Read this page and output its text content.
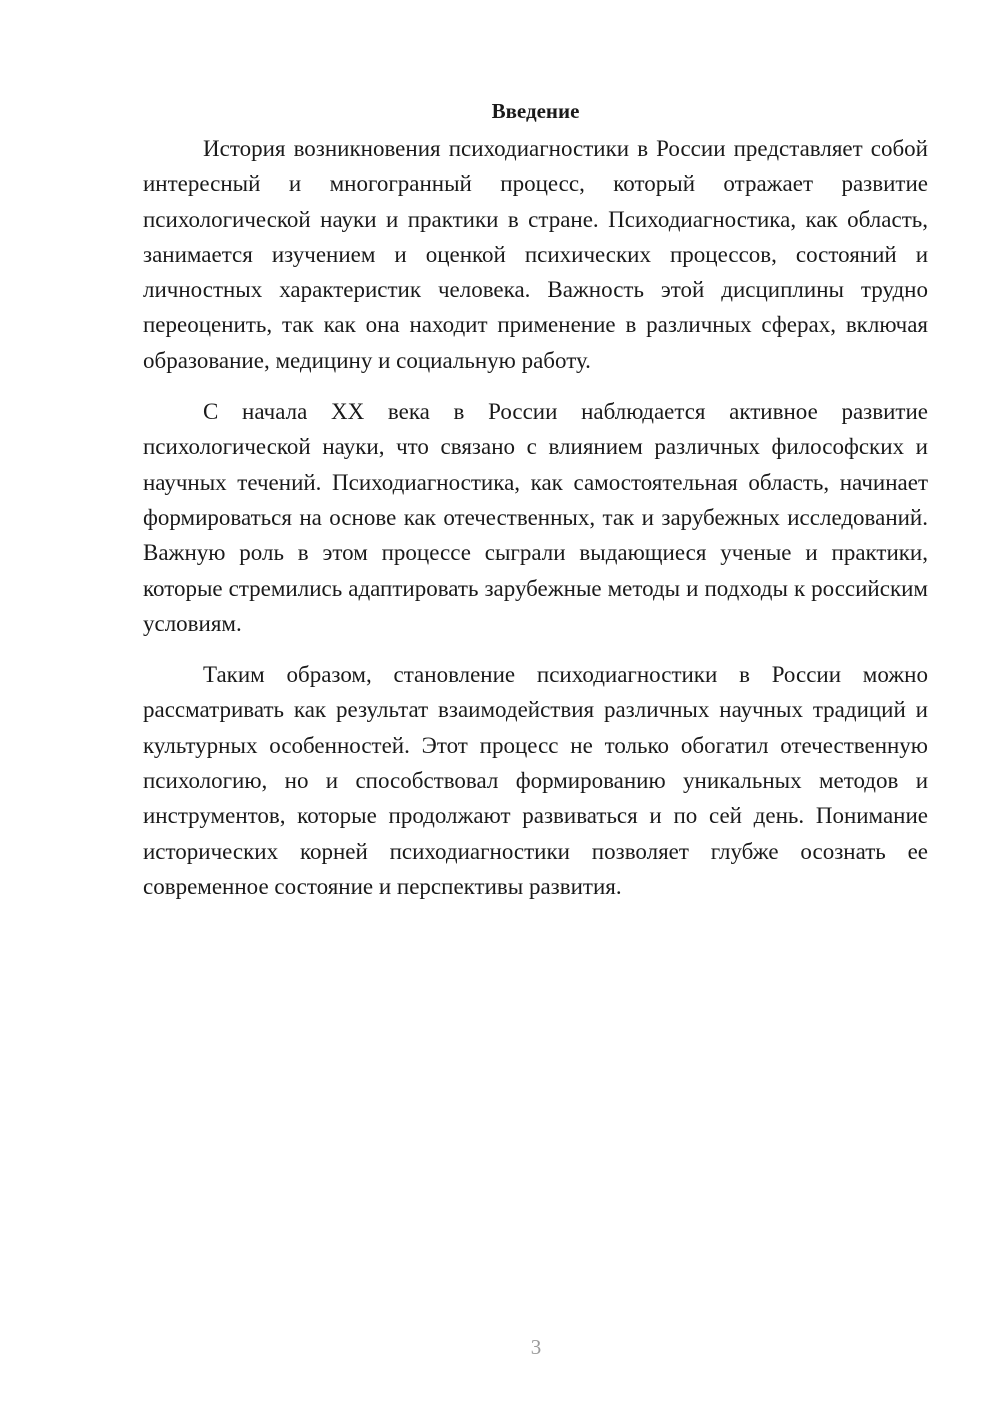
Введение

История возникновения психодиагностики в России представляет собой интересный и многогранный процесс, который отражает развитие психологической науки и практики в стране. Психодиагностика, как область, занимается изучением и оценкой психических процессов, состояний и личностных характеристик человека. Важность этой дисциплины трудно переоценить, так как она находит применение в различных сферах, включая образование, медицину и социальную работу.

С начала XX века в России наблюдается активное развитие психологической науки, что связано с влиянием различных философских и научных течений. Психодиагностика, как самостоятельная область, начинает формироваться на основе как отечественных, так и зарубежных исследований. Важную роль в этом процессе сыграли выдающиеся ученые и практики, которые стремились адаптировать зарубежные методы и подходы к российским условиям.

Таким образом, становление психодиагностики в России можно рассматривать как результат взаимодействия различных научных традиций и культурных особенностей. Этот процесс не только обогатил отечественную психологию, но и способствовал формированию уникальных методов и инструментов, которые продолжают развиваться и по сей день. Понимание исторических корней психодиагностики позволяет глубже осознать ее современное состояние и перспективы развития.

3
